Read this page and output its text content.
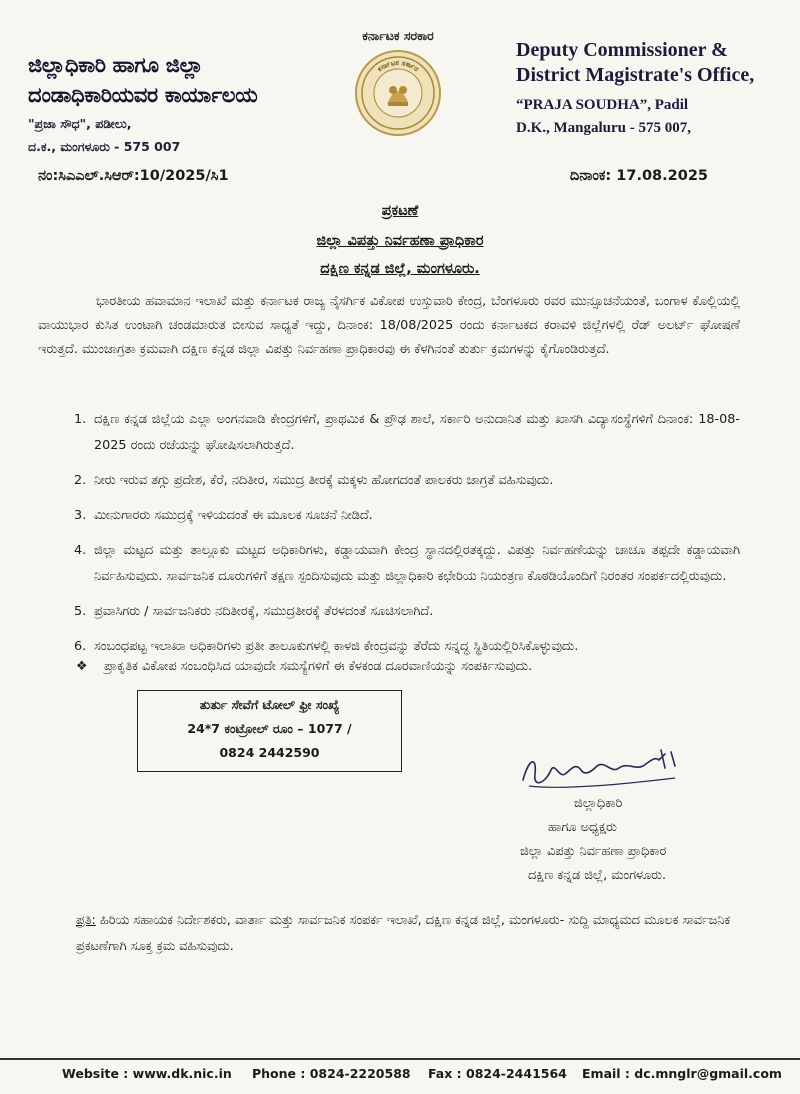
ಜಿಲ್ಲಾಧಿಕಾರಿ ಹಾಗೂ ಜಿಲ್ಲಾ
ದಂಡಾಧಿಕಾರಿಯವರ ಕಾರ್ಯಾಲಯ
"ಪ್ರಜಾ ಸೌಧ", ಪಡೀಲು,
ದ.ಕ., ಮಂಗಳೂರು - 575 007
ಕರ್ನಾಟಕ ಸರಕಾರ
ಕರ್ನಾಟಕ ಸರ್ಕಾರ
Deputy Commissioner &
District Magistrate's Office,
“PRAJA SOUDHA”, Padil
D.K., Mangaluru - 575 007,
ನಂ:ಸಿಎಎಲ್.ಸಿಆರ್:10/2025/ಸಿ1	ದಿನಾಂಕ: 17.08.2025
ಪ್ರಕಟಣೆ
ಜಿಲ್ಲಾ ವಿಪತ್ತು ನಿರ್ವಹಣಾ ಪ್ರಾಧಿಕಾರ
ದಕ್ಷಿಣ ಕನ್ನಡ ಜಿಲ್ಲೆ, ಮಂಗಳೂರು.
ಭಾರತೀಯ ಹವಾಮಾನ ಇಲಾಖೆ ಮತ್ತು ಕರ್ನಾಟಕ ರಾಜ್ಯ ನೈಸರ್ಗಿಕ ವಿಕೋಪ ಉಸ್ತುವಾರಿ ಕೇಂದ್ರ, ಬೆಂಗಳೂರು ರವರ ಮುನ್ಸೂಚನೆಯಂತೆ, ಬಂಗಾಳ ಕೊಲ್ಲಿಯಲ್ಲಿ ವಾಯುಭಾರ ಕುಸಿತ ಉಂಟಾಗಿ ಚಂಡಮಾರುತ ಬೀಸುವ ಸಾಧ್ಯತೆ ಇದ್ದು, ದಿನಾಂಕ: 18/08/2025 ರಂದು ಕರ್ನಾಟಕದ ಕರಾವಳಿ ಜಿಲ್ಲೆಗಳಲ್ಲಿ ರೆಡ್ ಅಲರ್ಟ್ ಘೋಷಣೆ ಇರುತ್ತದೆ. ಮುಂಜಾಗ್ರತಾ ಕ್ರಮವಾಗಿ ದಕ್ಷಿಣ ಕನ್ನಡ ಜಿಲ್ಲಾ ವಿಪತ್ತು ನಿರ್ವಹಣಾ ಪ್ರಾಧಿಕಾರವು ಈ ಕೆಳಗಿನಂತೆ ತುರ್ತು ಕ್ರಮಗಳನ್ನು ಕೈಗೊಂಡಿರುತ್ತದೆ.
1. ದಕ್ಷಿಣ ಕನ್ನಡ ಜಿಲ್ಲೆಯ ಎಲ್ಲಾ ಅಂಗನವಾಡಿ ಕೇಂದ್ರಗಳಿಗೆ, ಪ್ರಾಥಮಿಕ & ಪ್ರೌಢ ಶಾಲೆ, ಸರ್ಕಾರಿ ಅನುದಾನಿತ ಮತ್ತು ಖಾಸಗಿ ವಿದ್ಯಾಸಂಸ್ಥೆಗಳಿಗೆ ದಿನಾಂಕ: 18-08-2025 ರಂದು ರಜೆಯನ್ನು ಘೋಷಿಸಲಾಗಿರುತ್ತದೆ.
2. ನೀರು ಇರುವ ತಗ್ಗು ಪ್ರದೇಶ, ಕೆರೆ, ನದಿತೀರ, ಸಮುದ್ರ ತೀರಕ್ಕೆ ಮಕ್ಕಳು ಹೋಗದಂತೆ ಪಾಲಕರು ಜಾಗ್ರತೆ ವಹಿಸುವುದು.
3. ಮೀನುಗಾರರು ಸಮುದ್ರಕ್ಕೆ ಇಳಿಯದಂತೆ ಈ ಮೂಲಕ ಸೂಚನೆ ನೀಡಿದೆ.
4. ಜಿಲ್ಲಾ ಮಟ್ಟದ ಮತ್ತು ತಾಲ್ಲೂಕು ಮಟ್ಟದ ಅಧಿಕಾರಿಗಳು, ಕಡ್ಡಾಯವಾಗಿ ಕೇಂದ್ರ ಸ್ಥಾನದಲ್ಲಿರತಕ್ಕದ್ದು. ವಿಪತ್ತು ನಿರ್ವಹಣೆಯನ್ನು ಚಾಚೂ ತಪ್ಪದೇ ಕಡ್ಡಾಯವಾಗಿ ನಿರ್ವಹಿಸುವುದು. ಸಾರ್ವಜನಿಕ ದೂರುಗಳಿಗೆ ತಕ್ಷಣ ಸ್ಪಂದಿಸುವುದು ಮತ್ತು ಜಿಲ್ಲಾಧಿಕಾರಿ ಕಛೇರಿಯ ನಿಯಂತ್ರಣ ಕೊಠಡಿಯೊಂದಿಗೆ ನಿರಂತರ ಸಂಪರ್ಕದಲ್ಲಿರುವುದು.
5. ಪ್ರವಾಸಿಗರು / ಸಾರ್ವಜನಿಕರು ನದಿತೀರಕ್ಕೆ, ಸಮುದ್ರತೀರಕ್ಕೆ ತೆರಳದಂತೆ ಸೂಚಿಸಲಾಗಿದೆ.
6. ಸಂಬಂಧಪಟ್ಟ ಇಲಾಖಾ ಅಧಿಕಾರಿಗಳು ಪ್ರತೀ ತಾಲೂಕುಗಳಲ್ಲಿ ಕಾಳಜಿ ಕೇಂದ್ರವನ್ನು ತೆರೆದು ಸನ್ನದ್ಧ ಸ್ಥಿತಿಯಲ್ಲಿರಿಸಿಕೊಳ್ಳುವುದು.
❖ ಪ್ರಾಕೃತಿಕ ವಿಕೋಪ ಸಂಬಂಧಿಸಿದ ಯಾವುದೇ ಸಮಸ್ಯೆಗಳಿಗೆ ಈ ಕೆಳಕಂಡ ದೂರವಾಣಿಯನ್ನು ಸಂಪರ್ಕಿಸುವುದು.
ತುರ್ತು ಸೇವೆಗೆ ಟೋಲ್ ಫ್ರೀ ಸಂಖ್ಯೆ
24*7 ಕಂಟ್ರೋಲ್ ರೂಂ – 1077 /
0824 2442590
ಜಿಲ್ಲಾಧಿಕಾರಿ
ಹಾಗೂ ಅಧ್ಯಕ್ಷರು
ಜಿಲ್ಲಾ ವಿಪತ್ತು ನಿರ್ವಹಣಾ ಪ್ರಾಧಿಕಾರ
ದಕ್ಷಿಣ ಕನ್ನಡ ಜಿಲ್ಲೆ, ಮಂಗಳೂರು.
ಪ್ರತಿ: ಹಿರಿಯ ಸಹಾಯಕ ನಿರ್ದೇಶಕರು, ವಾರ್ತಾ ಮತ್ತು ಸಾರ್ವಜನಿಕ ಸಂಪರ್ಕ ಇಲಾಖೆ, ದಕ್ಷಿಣ ಕನ್ನಡ ಜಿಲ್ಲೆ, ಮಂಗಳೂರು- ಸುದ್ದಿ ಮಾಧ್ಯಮದ ಮೂಲಕ ಸಾರ್ವಜನಿಕ ಪ್ರಕಟಣೆಗಾಗಿ ಸೂಕ್ತ ಕ್ರಮ ವಹಿಸುವುದು.
Website : www.dk.nic.in Phone : 0824-2220588 Fax : 0824-2441564 Email : dc.mnglr@gmail.com
